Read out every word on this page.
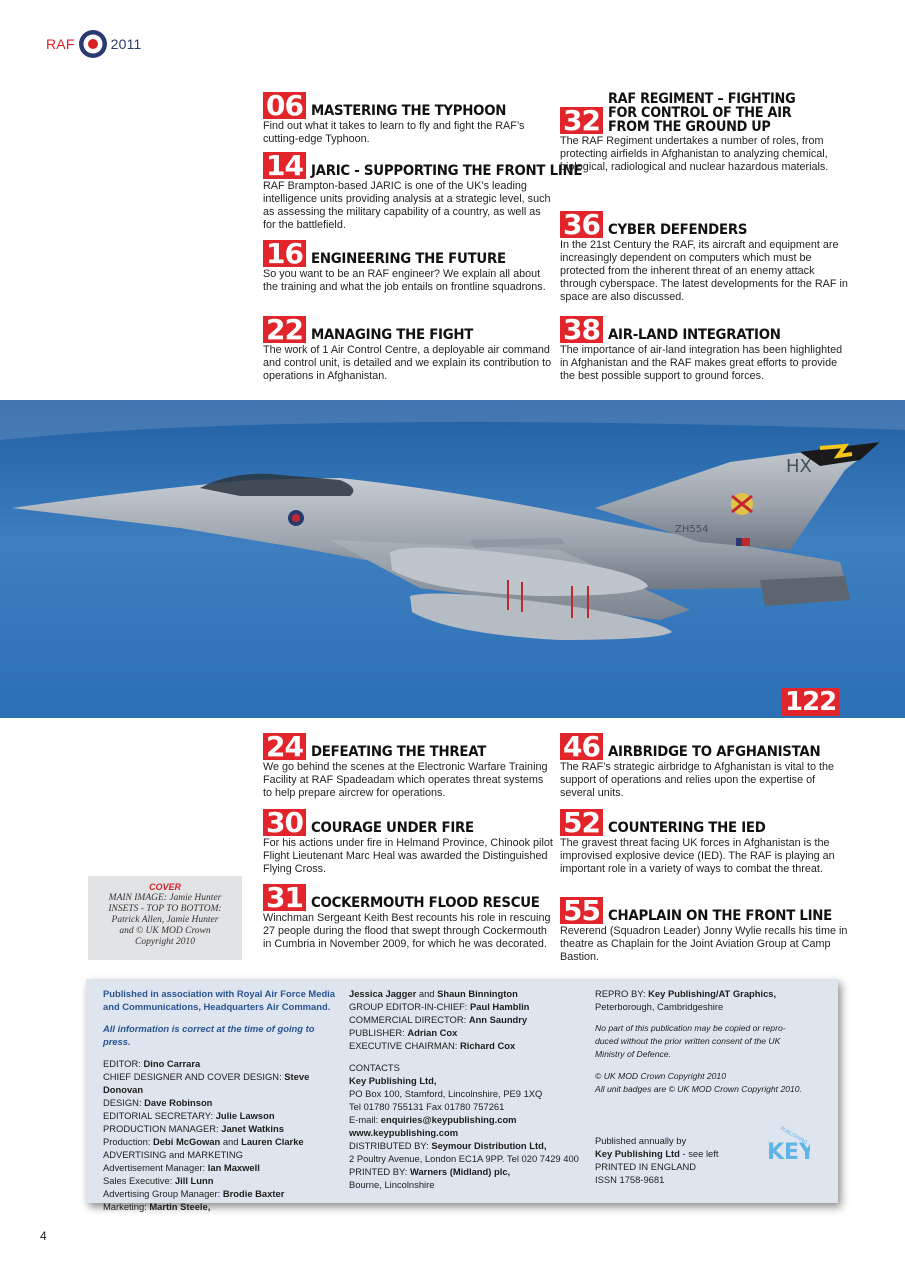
RAF	2011
06 MASTERING THE TYPHOON
Find out what it takes to learn to fly and fight the RAF’s cutting-edge Typhoon.
14 JARIC - SUPPORTING THE FRONT LINE
RAF Brampton-based JARIC is one of the UK’s leading intelligence units providing analysis at a strategic level, such as assessing the military capability of a country, as well as for the battlefield.
16 ENGINEERING THE FUTURE
So you want to be an RAF engineer? We explain all about the training and what the job entails on frontline squadrons.
22 MANAGING THE FIGHT
The work of 1 Air Control Centre, a deployable air command and control unit, is detailed and we explain its contribution to operations in Afghanistan.
32
RAF REGIMENT – FIGHTING FOR CONTROL OF THE AIR FROM THE GROUND UP
The RAF Regiment undertakes a number of roles, from protecting airfields in Afghanistan to analyzing chemical, biological, radiological and nuclear hazardous materials.
36 CYBER DEFENDERS
In the 21st Century the RAF, its aircraft and equipment are increasingly dependent on computers which must be protected from the inherent threat of an enemy attack through cyberspace. The latest developments for the RAF in space are also discussed.
38 AIR-LAND INTEGRATION
The importance of air-land integration has been highlighted in Afghanistan and the RAF makes great efforts to provide the best possible support to ground forces.
HX
ZH554
122
24 DEFEATING THE THREAT
We go behind the scenes at the Electronic Warfare Training Facility at RAF Spadeadam which operates threat systems to help prepare aircrew for operations.
30 COURAGE UNDER FIRE
For his actions under fire in Helmand Province, Chinook pilot Flight Lieutenant Marc Heal was awarded the Distinguished Flying Cross.
31 COCKERMOUTH FLOOD RESCUE
Winchman Sergeant Keith Best recounts his role in rescuing 27 people during the flood that swept through Cockermouth in Cumbria in November 2009, for which he was decorated.
46 AIRBRIDGE TO AFGHANISTAN
The RAF’s strategic airbridge to Afghanistan is vital to the support of operations and relies upon the expertise of several units.
52 COUNTERING THE IED
The gravest threat facing UK forces in Afghanistan is the improvised explosive device (IED). The RAF is playing an important role in a variety of ways to combat the threat.
55 CHAPLAIN ON THE FRONT LINE
Reverend (Squadron Leader) Jonny Wylie recalls his time in theatre as Chaplain for the Joint Aviation Group at Camp Bastion.
COVER
MAIN IMAGE: Jamie Hunter
INSETS - TOP TO BOTTOM:
Patrick Allen, Jamie Hunter
and © UK MOD Crown
Copyright 2010
Published in association with Royal Air Force Media
and Communications, Headquarters Air Command.
All information is correct at the time of going to press.
EDITOR: Dino Carrara
CHIEF DESIGNER AND COVER DESIGN: Steve Donovan
DESIGN: Dave Robinson
EDITORIAL SECRETARY: Julie Lawson
PRODUCTION MANAGER: Janet Watkins
Production: Debi McGowan and Lauren Clarke
ADVERTISING and MARKETING
Advertisement Manager: Ian Maxwell
Sales Executive: Jill Lunn
Advertising Group Manager: Brodie Baxter
Marketing: Martin Steele,
Jessica Jagger and Shaun Binnington
GROUP EDITOR-IN-CHIEF: Paul Hamblin
COMMERCIAL DIRECTOR: Ann Saundry
PUBLISHER: Adrian Cox
EXECUTIVE CHAIRMAN: Richard Cox
CONTACTS
Key Publishing Ltd,
PO Box 100, Stamford, Lincolnshire, PE9 1XQ
Tel 01780 755131 Fax 01780 757261
E-mail: enquiries@keypublishing.com
www.keypublishing.com
DISTRIBUTED BY: Seymour Distribution Ltd,
2 Poultry Avenue, London EC1A 9PP. Tel 020 7429 400
PRINTED BY: Warners (Midland) plc,
Bourne, Lincolnshire
REPRO BY: Key Publishing/AT Graphics,
Peterborough, Cambridgeshire
No part of this publication may be copied or repro-
duced without the prior written consent of the UK
Ministry of Defence.
© UK MOD Crown Copyright 2010
All unit badges are © UK MOD Crown Copyright 2010.
Published annually by
Key Publishing Ltd - see left
PRINTED IN ENGLAND
ISSN 1758-9681
KEY
PUBLISHING
4
